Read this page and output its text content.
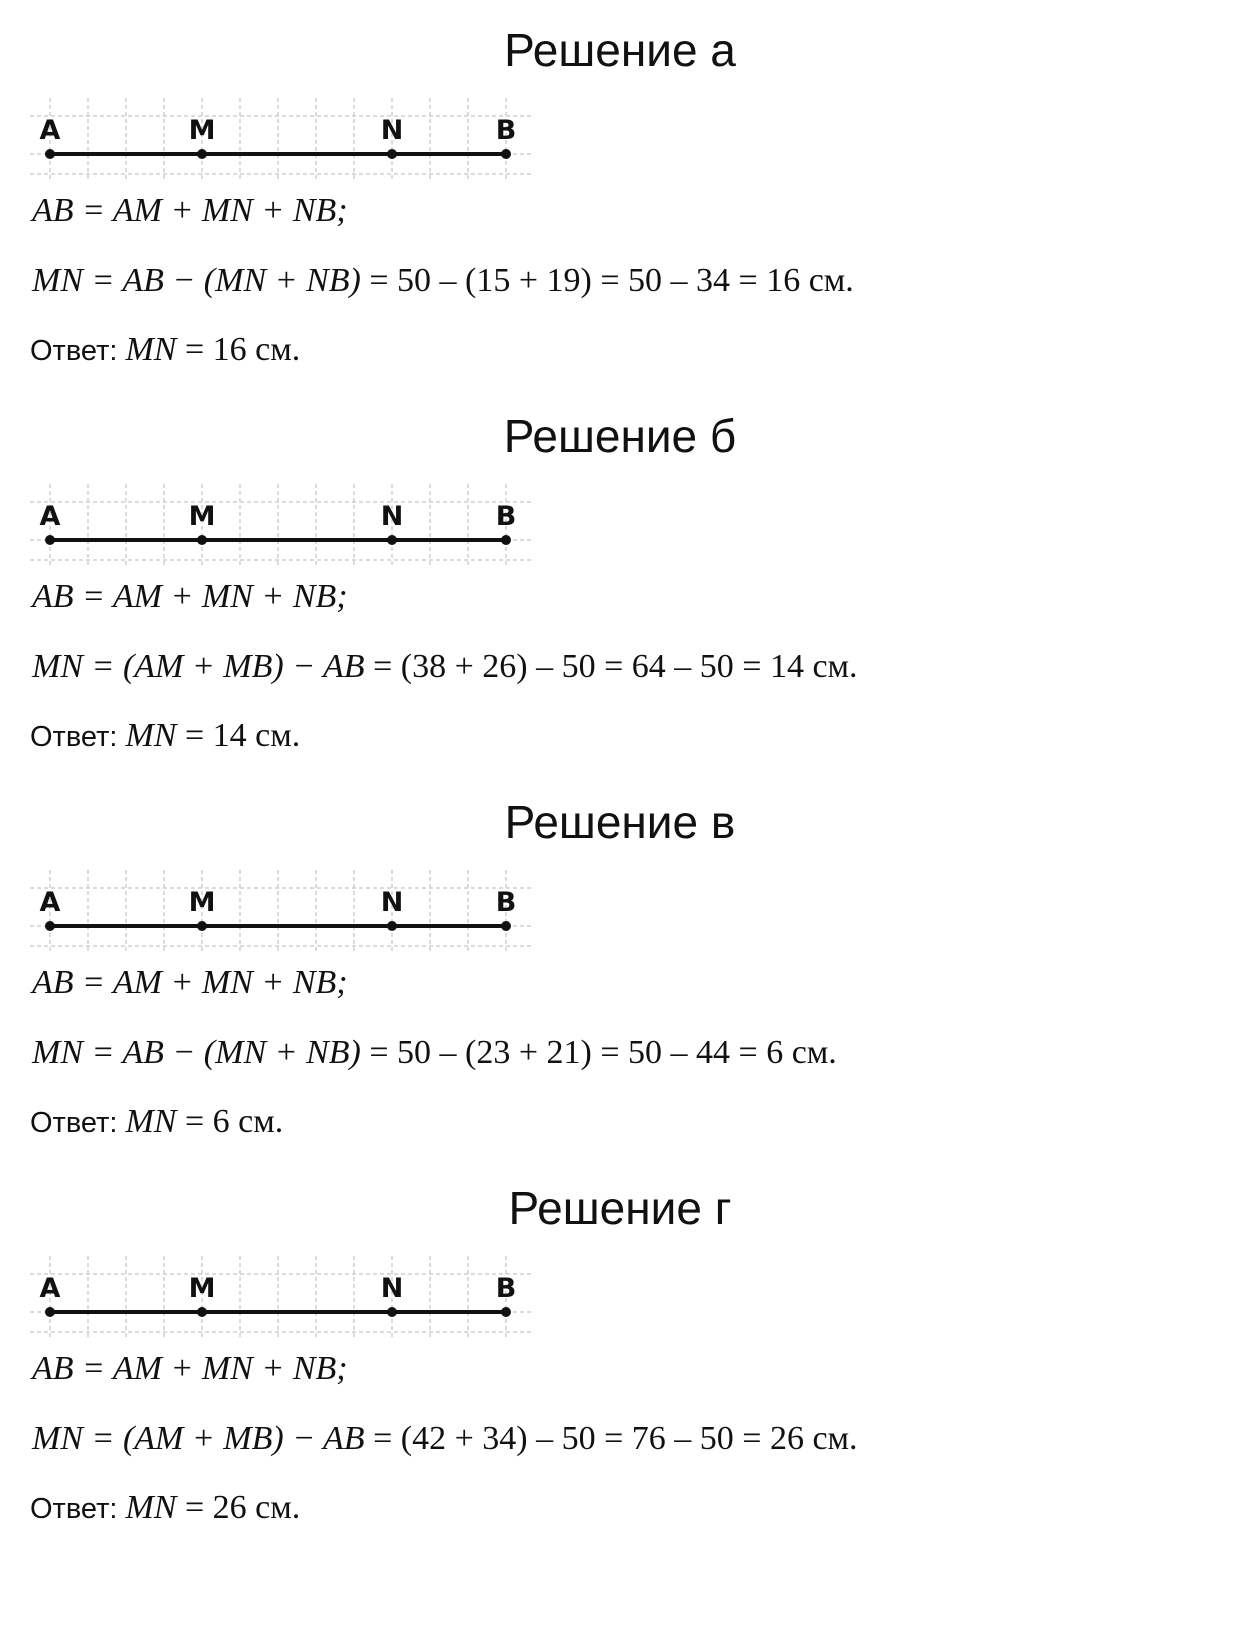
Решение а
A	M	N	B
AB = AM + MN + NB;
MN = AB − (MN + NB) = 50 – (15 + 19) = 50 – 34 = 16 см.
Ответ: MN = 16 см.
Решение б
A	M	N	B
AB = AM + MN + NB;
MN = (AM + MB) − AB = (38 + 26) – 50 = 64 – 50 = 14 см.
Ответ: MN = 14 см.
Решение в
A	M	N	B
AB = AM + MN + NB;
MN = AB − (MN + NB) = 50 – (23 + 21) = 50 – 44 = 6 см.
Ответ: MN = 6 см.
Решение г
A	M	N	B
AB = AM + MN + NB;
MN = (AM + MB) − AB = (42 + 34) – 50 = 76 – 50 = 26 см.
Ответ: MN = 26 см.
